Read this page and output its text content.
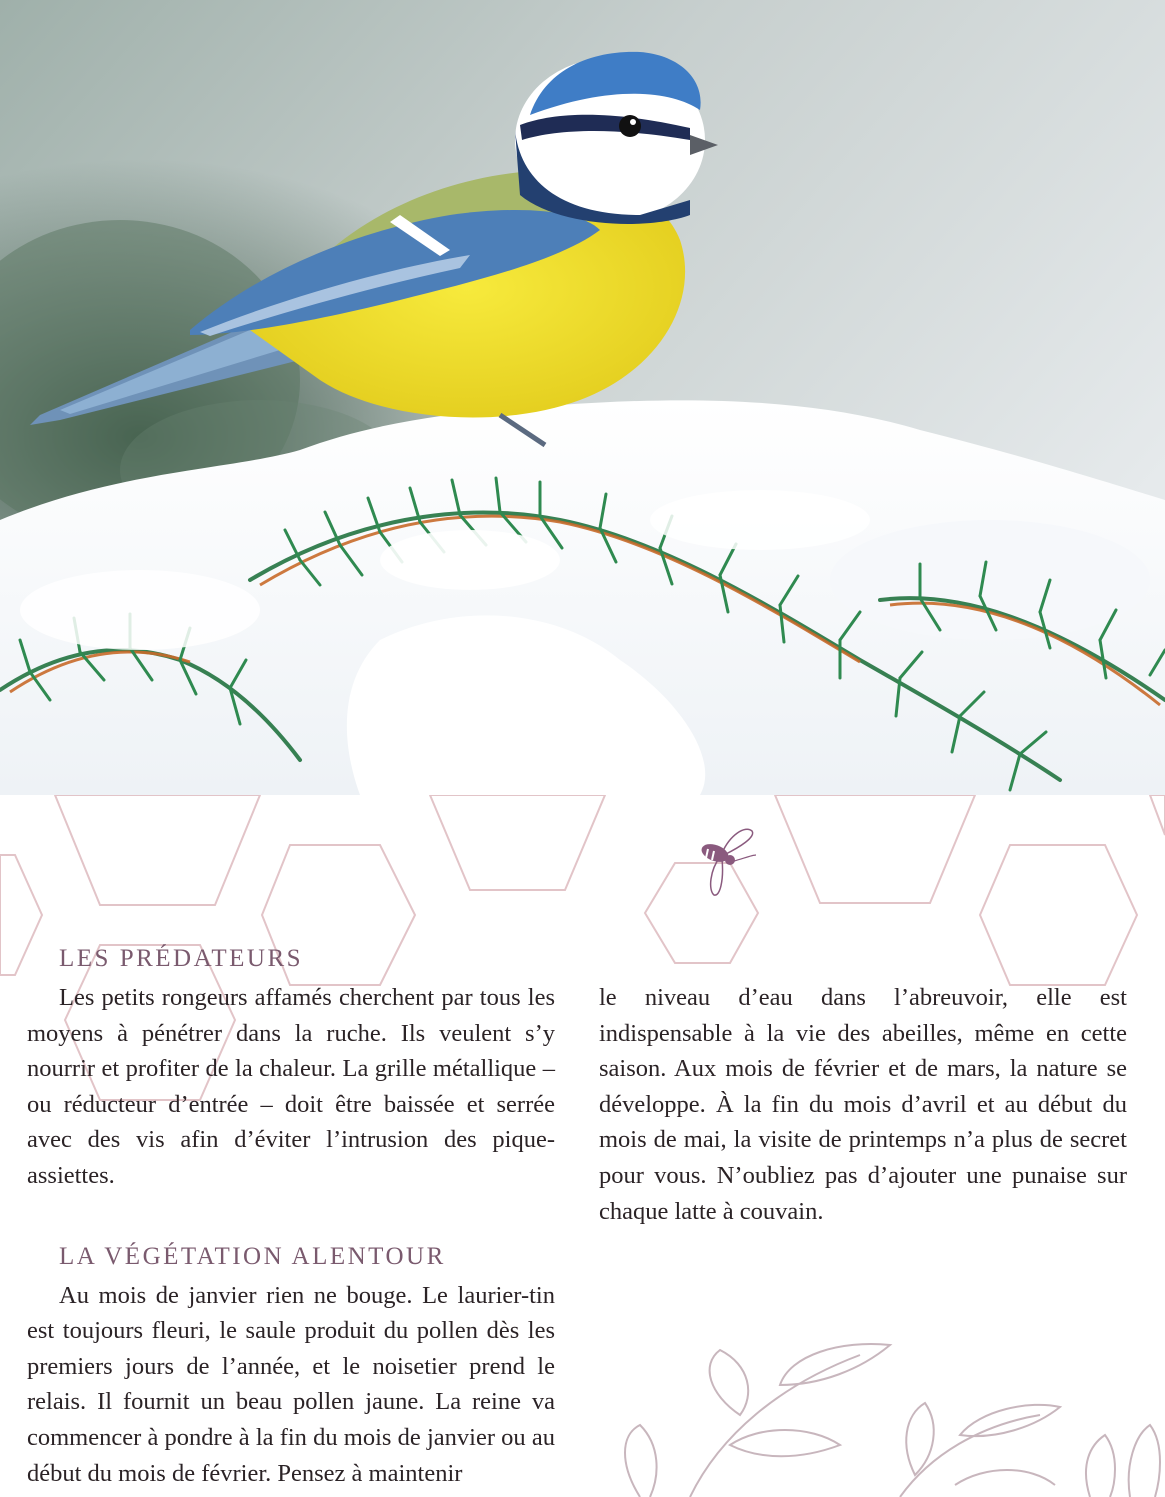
LES PRÉDATEURS

Les petits rongeurs affamés cherchent par tous les moyens à pénétrer dans la ruche. Ils veulent s’y nourrir et profiter de la chaleur. La grille métallique – ou réducteur d’entrée – doit être baissée et serrée avec des vis afin d’éviter l’intrusion des pique-assiettes.

LA VÉGÉTATION ALENTOUR

Au mois de janvier rien ne bouge. Le laurier-tin est toujours fleuri, le saule produit du pollen dès les premiers jours de l’année, et le noisetier prend le relais. Il fournit un beau pollen jaune. La reine va commencer à pondre à la fin du mois de janvier ou au début du mois de février. Pensez à maintenir

le niveau d’eau dans l’abreuvoir, elle est indispensable à la vie des abeilles, même en cette saison. Aux mois de février et de mars, la nature se développe. À la fin du mois d’avril et au début du mois de mai, la visite de printemps n’a plus de secret pour vous. N’oubliez pas d’ajouter une punaise sur chaque latte à couvain.
